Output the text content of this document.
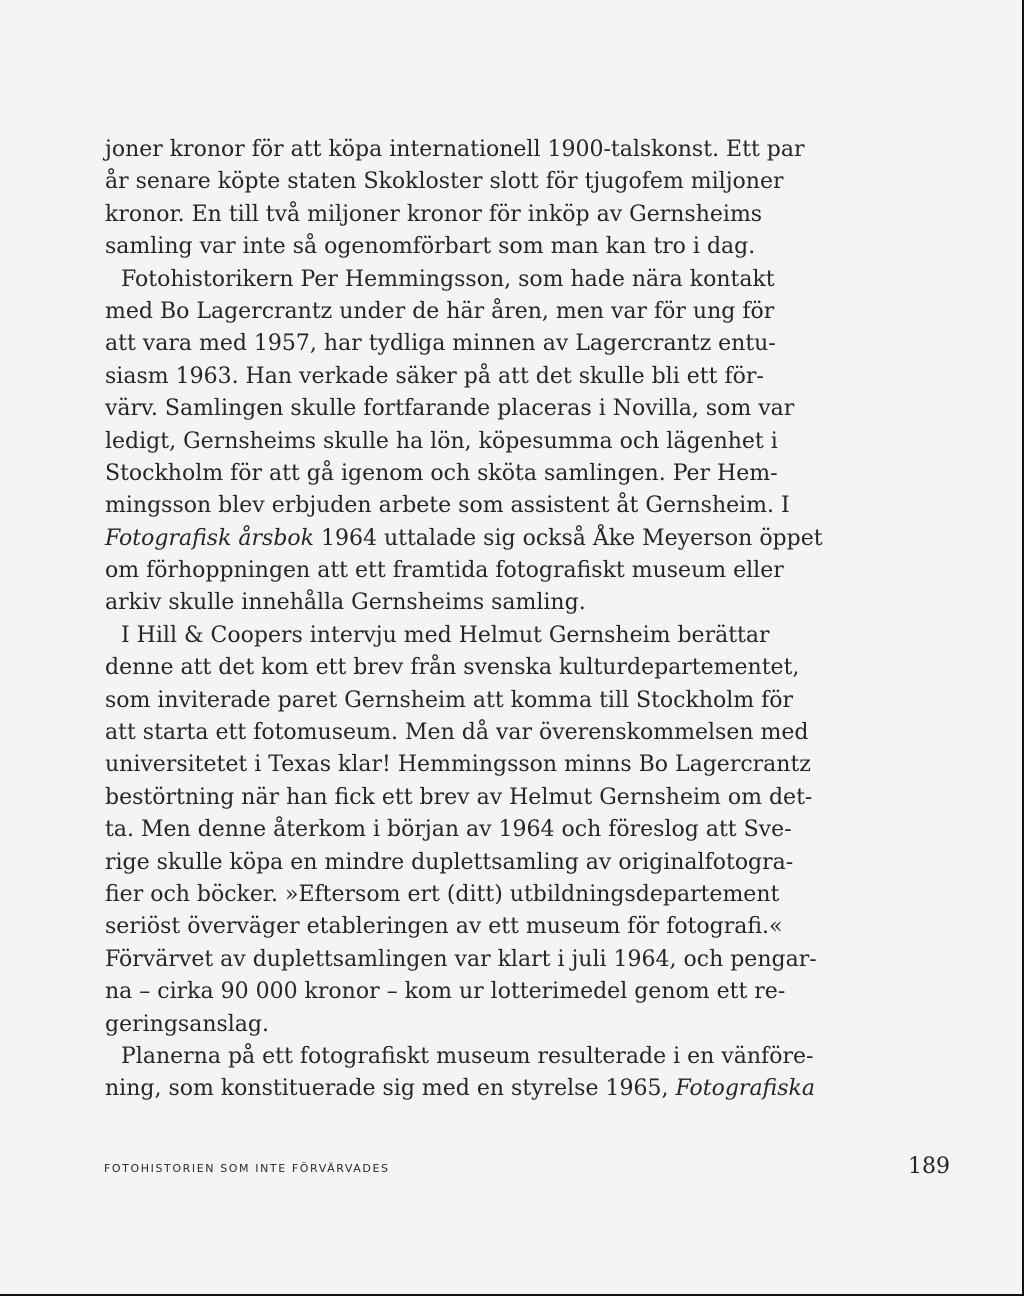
joner kronor för att köpa internationell 1900-talskonst. Ett par
år senare köpte staten Skokloster slott för tjugofem miljoner
kronor. En till två miljoner kronor för inköp av Gernsheims
samling var inte så ogenomförbart som man kan tro i dag.
Fotohistorikern Per Hemmingsson, som hade nära kontakt
med Bo Lagercrantz under de här åren, men var för ung för
att vara med 1957, har tydliga minnen av Lagercrantz entu-
siasm 1963. Han verkade säker på att det skulle bli ett för-
värv. Samlingen skulle fortfarande placeras i Novilla, som var
ledigt, Gernsheims skulle ha lön, köpesumma och lägenhet i
Stockholm för att gå igenom och sköta samlingen. Per Hem-
mingsson blev erbjuden arbete som assistent åt Gernsheim. I
Fotografisk årsbok 1964 uttalade sig också Åke Meyerson öppet
om förhoppningen att ett framtida fotografiskt museum eller
arkiv skulle innehålla Gernsheims samling.
I Hill & Coopers intervju med Helmut Gernsheim berättar
denne att det kom ett brev från svenska kulturdepartementet,
som inviterade paret Gernsheim att komma till Stockholm för
att starta ett fotomuseum. Men då var överenskommelsen med
universitetet i Texas klar! Hemmingsson minns Bo Lagercrantz
bestörtning när han fick ett brev av Helmut Gernsheim om det-
ta. Men denne återkom i början av 1964 och föreslog att Sve-
rige skulle köpa en mindre duplettsamling av originalfotogra-
fier och böcker. »Eftersom ert (ditt) utbildningsdepartement
seriöst överväger etableringen av ett museum för fotografi.«
Förvärvet av duplettsamlingen var klart i juli 1964, och pengar-
na – cirka 90 000 kronor – kom ur lotterimedel genom ett re-
geringsanslag.
Planerna på ett fotografiskt museum resulterade i en vänföre-
ning, som konstituerade sig med en styrelse 1965, Fotografiska
FOTOHISTORIEN SOM INTE FÖRVÄRVADES	189
